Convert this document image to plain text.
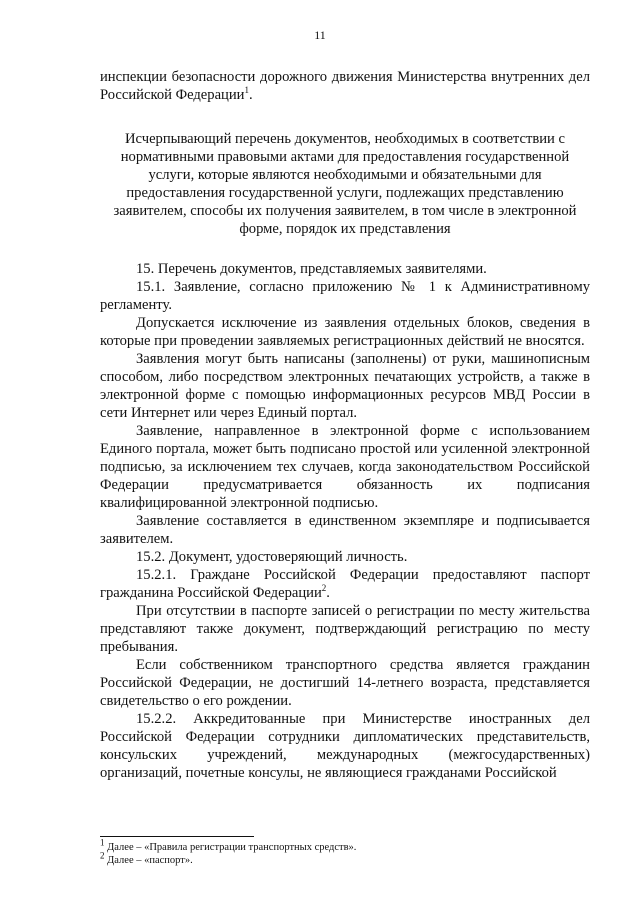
11

инспекции безопасности дорожного движения Министерства внутренних дел Российской Федерации$^1$.

Исчерпывающий перечень документов, необходимых в соответствии с нормативными правовыми актами для предоставления государственной услуги, которые являются необходимыми и обязательными для предоставления государственной услуги, подлежащих представлению заявителем, способы их получения заявителем, в том числе в электронной форме, порядок их представления

15. Перечень документов, представляемых заявителями.

15.1. Заявление, согласно приложению № 1 к Административному регламенту.

Допускается исключение из заявления отдельных блоков, сведения в которые при проведении заявляемых регистрационных действий не вносятся.

Заявления могут быть написаны (заполнены) от руки, машинописным способом, либо посредством электронных печатающих устройств, а также в электронной форме с помощью информационных ресурсов МВД России в сети Интернет или через Единый портал.

Заявление, направленное в электронной форме с использованием Единого портала, может быть подписано простой или усиленной электронной подписью, за исключением тех случаев, когда законодательством Российской Федерации предусматривается обязанность их подписания квалифицированной электронной подписью.

Заявление составляется в единственном экземпляре и подписывается заявителем.

15.2. Документ, удостоверяющий личность.

15.2.1. Граждане Российской Федерации предоставляют паспорт гражданина Российской Федерации$^2$.

При отсутствии в паспорте записей о регистрации по месту жительства представляют также документ, подтверждающий регистрацию по месту пребывания.

Если собственником транспортного средства является гражданин Российской Федерации, не достигший 14-летнего возраста, представляется свидетельство о его рождении.

15.2.2. Аккредитованные при Министерстве иностранных дел Российской Федерации сотрудники дипломатических представительств, консульских учреждений, международных (межгосударственных) организаций, почетные консулы, не являющиеся гражданами Российской

$^1$ Далее – «Правила регистрации транспортных средств».

$^2$ Далее – «паспорт».
